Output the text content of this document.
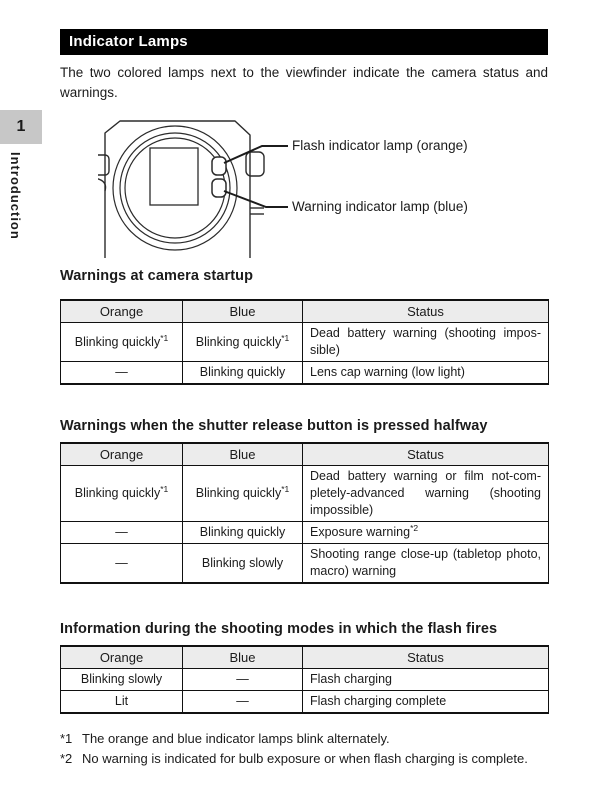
Indicator Lamps

The two colored lamps next to the viewfinder indicate the camera status and warnings.

1
Introduction
Flash indicator lamp (orange)
Warning indicator lamp (blue)
Warnings at camera startup
Orange	Blue	Status
Blinking quickly$^{*1}$	Blinking quickly$^{*1}$	Dead battery warning (shooting impossible)
—	Blinking quickly	Lens cap warning (low light)
Warnings when the shutter release button is pressed halfway
Orange	Blue	Status
Blinking quickly$^{*1}$	Blinking quickly$^{*1}$	Dead battery warning or film not-completely-advanced warning (shooting impossible)
—	Blinking quickly	Exposure warning$^{*2}$
—	Blinking slowly	Shooting range close-up (tabletop photo, macro) warning
Information during the shooting modes in which the flash fires
Orange	Blue	Status
Blinking slowly	—	Flash charging
Lit	—	Flash charging complete
*1 The orange and blue indicator lamps blink alternately.
*2 No warning is indicated for bulb exposure or when flash charging is complete.
